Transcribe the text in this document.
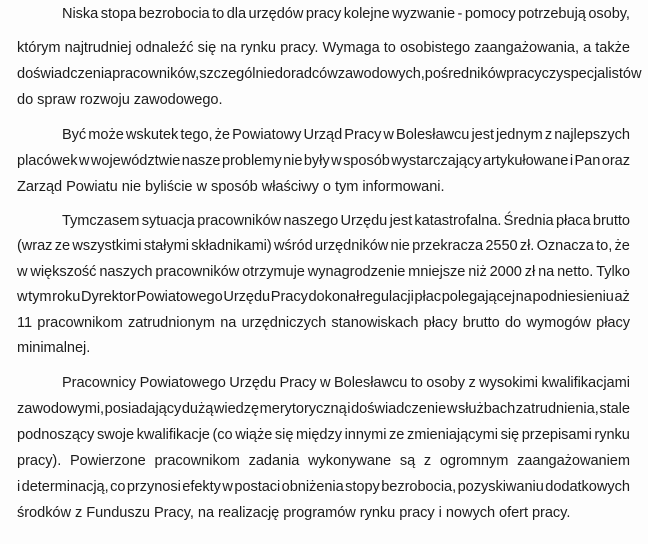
Niska stopa bezrobocia to dla urzędów pracy kolejne wyzwanie - pomocy potrzebują osoby,
którym najtrudniej odnaleźć się na rynku pracy. Wymaga to osobistego zaangażowania, a także
doświadczenia pracowników, szczególnie doradców zawodowych, pośredników pracy czy specjalistów
do spraw rozwoju zawodowego.
Być może wskutek tego, że Powiatowy Urząd Pracy w Bolesławcu jest jednym z najlepszych
placówek w województwie nasze problemy nie były w sposób wystarczający artykułowane i Pan oraz
Zarząd Powiatu nie byliście w sposób właściwy o tym informowani.
Tymczasem sytuacja pracowników naszego Urzędu jest katastrofalna. Średnia płaca brutto
(wraz ze wszystkimi stałymi składnikami) wśród urzędników nie przekracza 2550 zł. Oznacza to, że
w większość naszych pracowników otrzymuje wynagrodzenie mniejsze niż 2000 zł na netto. Tylko
w tym roku Dyrektor Powiatowego Urzędu Pracy dokonał regulacji płac polegającej na podniesieniu aż
11 pracownikom zatrudnionym na urzędniczych stanowiskach płacy brutto do wymogów płacy
minimalnej.
Pracownicy Powiatowego Urzędu Pracy w Bolesławcu to osoby z wysokimi kwalifikacjami
zawodowymi, posiadający dużą wiedzę merytoryczną i doświadczenie w służbach zatrudnienia, stale
podnoszący swoje kwalifikacje (co wiąże się między innymi ze zmieniającymi się przepisami rynku
pracy). Powierzone pracownikom zadania wykonywane są z ogromnym zaangażowaniem
i determinacją, co przynosi efekty w postaci obniżenia stopy bezrobocia, pozyskiwaniu dodatkowych
środków z Funduszu Pracy, na realizację programów rynku pracy i nowych ofert pracy.
